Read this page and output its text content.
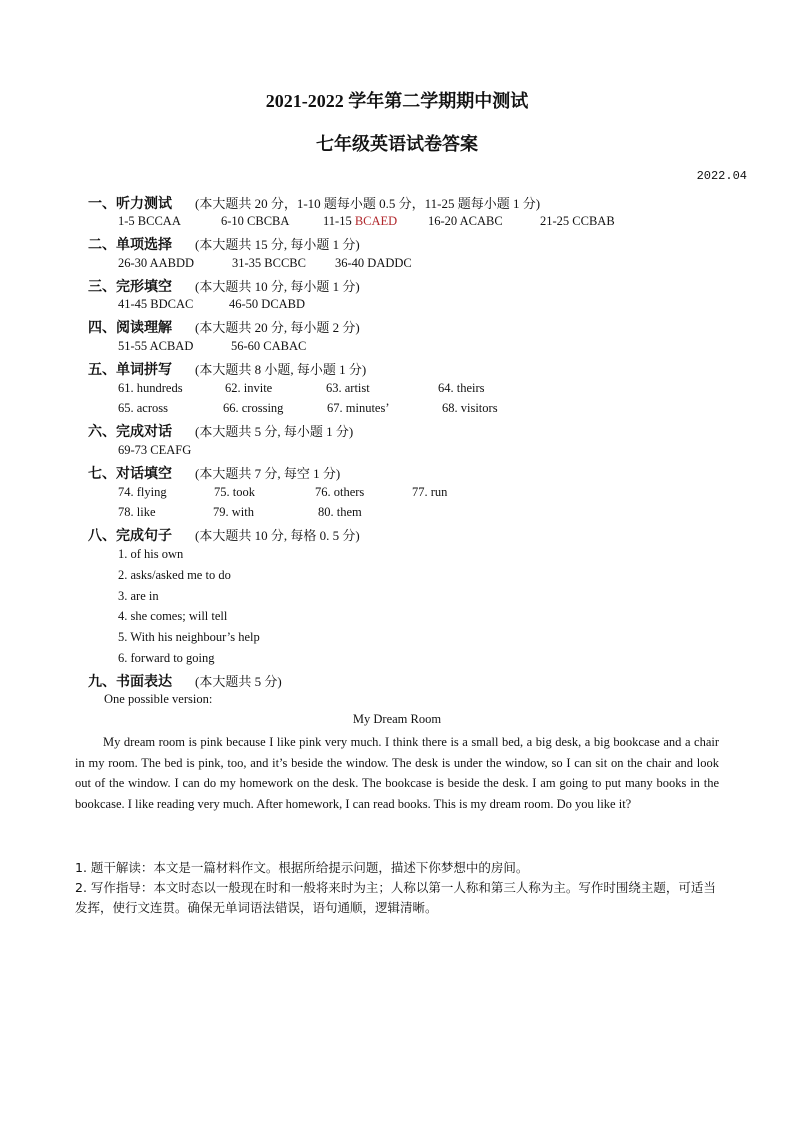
2021-2022 学年第二学期期中测试
七年级英语试卷答案
2022.04
一、听力测试 (本大题共 20 分，1-10 题每小题 0.5 分，11-25 题每小题 1 分)
1-5 BCCAA	6-10 CBCBA	11-15 BCAED 16-20 ACABC	21-25 CCBAB
二、单项选择 (本大题共 15 分, 每小题 1 分)
26-30 AABDD	31-35 BCCBC 36-40 DADDC
三、完形填空 (本大题共 10 分, 每小题 1 分)
41-45 BDCAC	46-50 DCABD
四、阅读理解 (本大题共 20 分, 每小题 2 分)
51-55 ACBAD	56-60 CABAC
五、单词拼写 (本大题共 8 小题, 每小题 1 分)
61. hundreds	62. invite	63. artist	64. theirs
65. across	66. crossing	67. minutes’	68. visitors
六、完成对话 (本大题共 5 分, 每小题 1 分)
69-73 CEAFG
七、对话填空 (本大题共 7 分, 每空 1 分)
74. flying	75. took	76. others	77. run
78. like	79. with	80. them
八、完成句子 (本大题共 10 分, 每格 0. 5 分)
1. of his own
2. asks/asked me to do
3. are in
4. she comes; will tell
5. With his neighbour’s help
6. forward to going
九、书面表达 (本大题共 5 分)
One possible version:
My Dream Room

My dream room is pink because I like pink very much. I think there is a small bed, a big desk, a big bookcase and a chair in my room. The bed is pink, too, and it’s beside the window. The desk is under the window, so I can sit on the chair and look out of the window. I can do my homework on the desk. The bookcase is beside the desk. I am going to put many books in the bookcase. I like reading very much. After homework, I can read books. This is my dream room. Do you like it?

1. 题干解读：本文是一篇材料作文。根据所给提示问题，描述下你梦想中的房间。
2. 写作指导：本文时态以一般现在时和一般将来时为主；人称以第一人称和第三人称为主。写作时围绕主题，可适当发挥，使行文连贯。确保无单词语法错误，语句通顺，逻辑清晰。
